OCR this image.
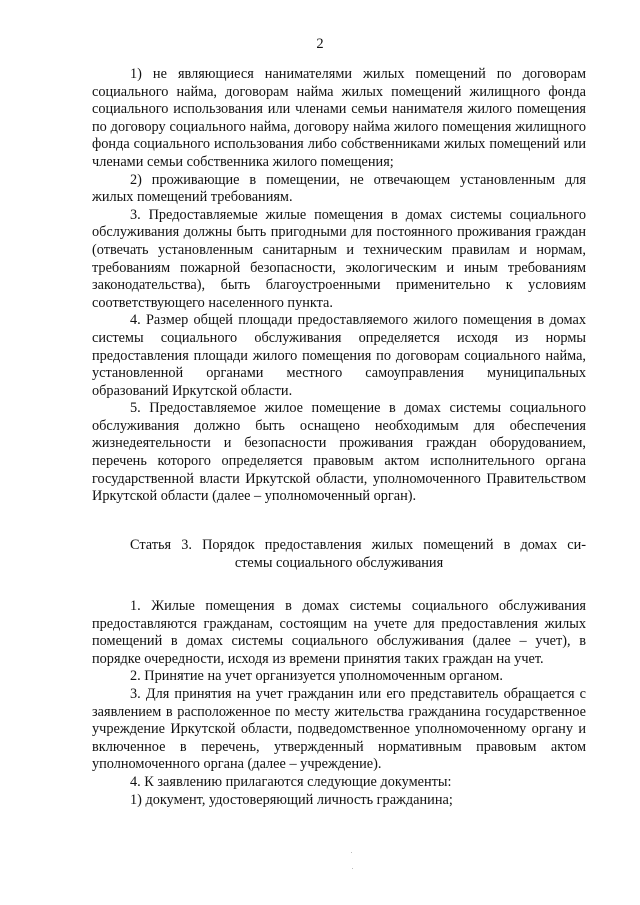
2

1) не являющиеся нанимателями жилых помещений по договорам социального найма, договорам найма жилых помещений жилищного фонда социального использования или членами семьи нанимателя жилого помещения по договору социального найма, договору найма жилого помещения жилищного фонда социального использования либо собственниками жилых помещений или членами семьи собственника жилого помещения;

2) проживающие в помещении, не отвечающем установленным для жилых помещений требованиям.

3. Предоставляемые жилые помещения в домах системы социального обслуживания должны быть пригодными для постоянного проживания граждан (отвечать установленным санитарным и техническим правилам и нормам, требованиям пожарной безопасности, экологическим и иным требованиям законодательства), быть благоустроенными применительно к условиям соответствующего населенного пункта.

4. Размер общей площади предоставляемого жилого помещения в домах системы социального обслуживания определяется исходя из нормы предоставления площади жилого помещения по договорам социального найма, установленной органами местного самоуправления муниципальных образований Иркутской области.

5. Предоставляемое жилое помещение в домах системы социального обслуживания должно быть оснащено необходимым для обеспечения жизнедеятельности и безопасности проживания граждан оборудованием, перечень которого определяется правовым актом исполнительного органа государственной власти Иркутской области, уполномоченного Правительством Иркутской области (далее – уполномоченный орган).

Статья 3. Порядок предоставления жилых помещений в домах си-
стемы социального обслуживания

1. Жилые помещения в домах системы социального обслуживания предоставляются гражданам, состоящим на учете для предоставления жилых помещений в домах системы социального обслуживания (далее – учет), в порядке очередности, исходя из времени принятия таких граждан на учет.

2. Принятие на учет организуется уполномоченным органом.

3. Для принятия на учет гражданин или его представитель обращается с заявлением в расположенное по месту жительства гражданина государственное учреждение Иркутской области, подведомственное уполномоченному органу и включенное в перечень, утвержденный нормативным правовым актом уполномоченного органа (далее – учреждение).

4. К заявлению прилагаются следующие документы:

1) документ, удостоверяющий личность гражданина;
